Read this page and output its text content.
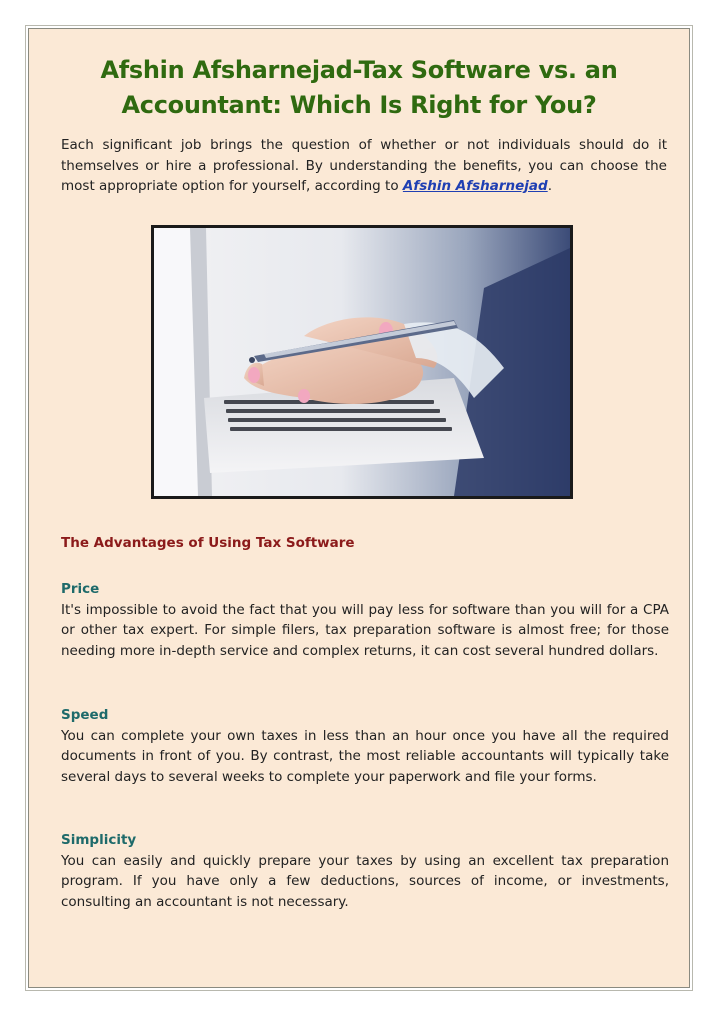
Afshin Afsharnejad-Tax Software vs. an Accountant: Which Is Right for You?

Each significant job brings the question of whether or not individuals should do it themselves or hire a professional. By understanding the benefits, you can choose the most appropriate option for yourself, according to Afshin Afsharnejad.

The Advantages of Using Tax Software
Price

It's impossible to avoid the fact that you will pay less for software than you will for a CPA or other tax expert. For simple filers, tax preparation software is almost free; for those needing more in-depth service and complex returns, it can cost several hundred dollars.

Speed

You can complete your own taxes in less than an hour once you have all the required documents in front of you. By contrast, the most reliable accountants will typically take several days to several weeks to complete your paperwork and file your forms.

Simplicity

You can easily and quickly prepare your taxes by using an excellent tax preparation program. If you have only a few deductions, sources of income, or investments, consulting an accountant is not necessary.
